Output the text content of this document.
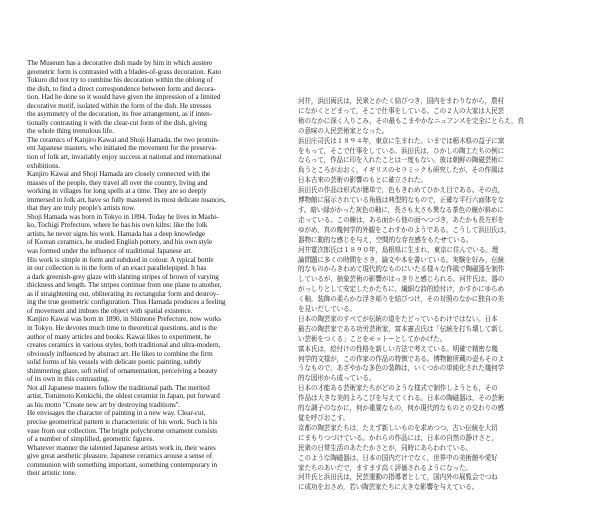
The Museum has a decorative dish made by him in which austere

geometric form is contrasted with a blades-of-grass decoration. Kato

Tokuro did not try to combine his decoration within the oblong of

the dish, to find a direct correspondence between form and decora-

tion. Had he done so it would have given the impression of a limited

decorative motif, isolated within the form of the dish. He stresses

the asymmetry of the decoration, its free arrangement, as if inten-

tionally contrasting it with the clear-cut form of the dish, giving

the whole thing tremulous life.

The ceramics of Kanjiro Kawai and Shoji Hamada, the two promin-

ent Japanese masters, who initiated the movement for the preserva-

tion of folk art, invariably enjoy success at national and international

exhibitions.

Kanjiro Kawai and Shoji Hamada are closely connected with the

masses of the people, they travel all over the country, living and

working in villages for long spells at a time. They are so deeply

immersed in folk art, have so fully mastered its most delicate nuances,

that they are truly people's artists now.

Shoji Hamada was born in Tokyo in 1894. Today he lives in Mashi-

ko, Tochigi Prefecture, where he has his own kilns: like the folk

artists, he never signs his work. Hamada has a deep knowledge

of Korean ceramics, he studied English pottery, and his own style

was formed under the influence of traditional Japanese art.

His work is simple in form and subdued in colour. A typical bottle

in our collection is in the form of an exact parallelepiped. It has

a dark greenish-grey glaze with slanting stripes of brown of varying

thickness and length. The stripes continue from one plane to another,

as if straightening out, obliterating its rectangular form and destroy-

ing the true geometric configuration. Thus Hamada produces a feeling

of movement and imbues the object with spatial existence.

Kanjiro Kawai was born in 1890, in Shimone Prefecture, now works

in Tokyo. He devotes much time to theoretical questions, and is the

author of many articles and books. Kawai likes to experiment, he

creates ceramics in various styles, both traditional and ultra-modern,

obviously influenced by abstract art. He likes to combine the firm

solid forms of his vessels with delicate poetic painting, subtly

shimmering glaze, soft relief of ornamentation, perceiving a beauty

of its own in this contrasting.

Not all Japanese masters follow the traditional path. The merited

artist, Tomimoto Kenkichi, the oldest ceramist in Japan, put forward

as his motto "Create new art by destroying traditions".

He envisages the character of painting in a new way. Clear-cut,

precise geometrical pattern is characteristic of his work. Such is his

vase from our collection. The bright polychrome ornament consists

of a number of simplified, geometric figures.

Whatever manner the talented Japanese artists work in, their wares

give great aesthetic pleasure. Japanese ceramics arouse a sense of

communion with something important, something contemporary in

their artistic tone.

河井，浜田両氏は，民衆とかたく結びつき，国内をまわりながら，農村

にながくとどまって，そこで仕事をしている。この２人の大家は人民芸

術のなかに深く入りこみ，その最もこまやかなニュアンスを完全にとらえ，真

の意味の人民芸術家となった。

浜田庄司氏は１８９４年，東京に生まれた。いまでは栃木県の益子に窯

をもって，そこで仕事をしている。浜田氏は，ひかしの陶工たちの例に

ならって，作品に印を入れたことは一度もない。彼は朝鮮の陶磁芸術に

負うところがおおく，イギリスのセラミックも研究したが，その作風は

日本古来の芸術の影響のもとに確立された。

浜田氏の作品は形式が簡単で，色もきわめてひかえ目である。その点，

博物館に展示されている角瓶は典型的なもので，正確な平行六面体をな

す。暗い緑がかった灰色の釉に，長さも太さも異なる茶色の線が斜めに

走っている。この線は，ある面から他の面へつづき，あたかも長方形を

ゆがめ，真の幾何学的外観をこわすかのようである。こうして浜田氏は，

器物に動的な感じを与え，空間的な存在感をもたせている。

河井寛次郎氏は１８９０年，島根県に生まれ，東京に住んでいる。理

論問題に多くの時間をさき，論文や本を書いている。実験を好み，伝統

的なものからきわめて現代的なものにいたる様々な作風で陶磁器を制作

しているが，抽象芸術の影響がはっきりと感じられる。河井氏は，器の

がっしりとして安定したかたちに，繊細な詩的絵付け，かすかにゆらめ

く釉，装飾の柔らかな浮き彫りを結びつけ，その対照のなかに独自の美

を見いだしている。

日本の陶芸家のすべてが伝統の道をたどっているわけではない。日本

最古の陶芸家である功労芸術家，富本憲吉氏は「伝統を打ち壊して新し

い芸術をつくる」ことをモットーとしてかかげた。

富本氏は，絵付けの性格を新しい方法で考えている。明確で精密な幾

何学的文様が，この作家の作品の特徴である。博物館所蔵の壺もそのよ

うなもので，あざやかな多色の装飾は，いくつかの単純化された幾何学

的な図形から成っている。

日本の才能ある芸術家たちがどのような様式で制作しようとも，その

作品は大きな美的よろこびを与えてくれる。日本の陶磁器は，その芸術

的な調子のなかに，何か重要なもの，何か現代的なものとの交わりの感

覚を呼びおこす。

京都の陶芸家たちは，たえず新しいものを求めつつ，古い伝統を大切

にまもりつづけている。かれらの作品には，日本の自然の静けさと，

民衆の日常生活のあたたかさとが，同時にあらわれている。

このような陶磁器は，日本の国内だけでなく，世界中の美術館や愛好

家たちのあいだで，ますます高く評価されるようになった。

河井氏と浜田氏は，民芸運動の指導者として，国内外の展覧会でつね

に成功をおさめ，若い陶芸家たちに大きな影響を与えている。
